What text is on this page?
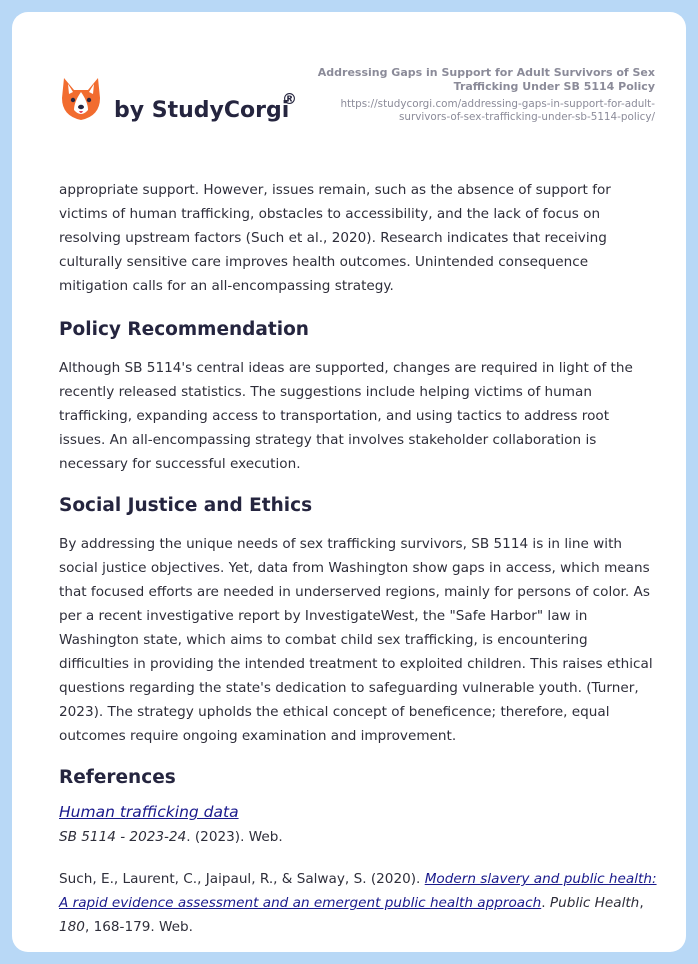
by StudyCorgi
®
Addressing Gaps in Support for Adult Survivors of Sex Trafficking Under SB 5114 Policy
https://studycorgi.com/addressing-gaps-in-support-for-adult-survivors-of-sex-trafficking-under-sb-5114-policy/

appropriate support. However, issues remain, such as the absence of support for victims of human trafficking, obstacles to accessibility, and the lack of focus on resolving upstream factors (Such et al., 2020). Research indicates that receiving culturally sensitive care improves health outcomes. Unintended consequence mitigation calls for an all-encompassing strategy.

Policy Recommendation

Although SB 5114's central ideas are supported, changes are required in light of the recently released statistics. The suggestions include helping victims of human trafficking, expanding access to transportation, and using tactics to address root issues. An all-encompassing strategy that involves stakeholder collaboration is necessary for successful execution.

Social Justice and Ethics

By addressing the unique needs of sex trafficking survivors, SB 5114 is in line with social justice objectives. Yet, data from Washington show gaps in access, which means that focused efforts are needed in underserved regions, mainly for persons of color. As per a recent investigative report by InvestigateWest, the "Safe Harbor" law in Washington state, which aims to combat child sex trafficking, is encountering difficulties in providing the intended treatment to exploited children. This raises ethical questions regarding the state's dedication to safeguarding vulnerable youth. (Turner, 2023). The strategy upholds the ethical concept of beneficence; therefore, equal outcomes require ongoing examination and improvement.

References
Human trafficking data
SB 5114 - 2023-24. (2023). Web.
Such, E., Laurent, C., Jaipaul, R., & Salway, S. (2020). Modern slavery and public health: A rapid evidence assessment and an emergent public health approach. Public Health, 180, 168-179. Web.
